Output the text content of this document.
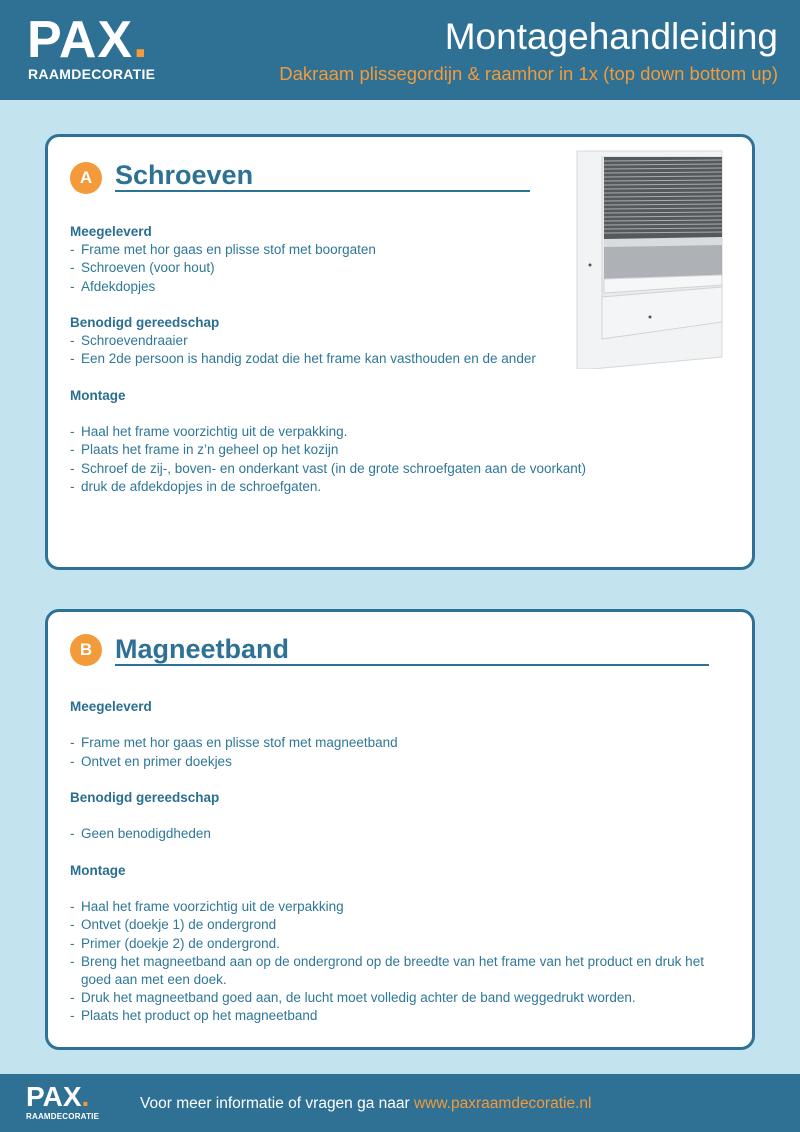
PAX.
RAAMDECORATIE
Montagehandleiding
Dakraam plissegordijn & raamhor in 1x (top down bottom up)
A Schroeven
Meegeleverd
- Frame met hor gaas en plisse stof met boorgaten
- Schroeven (voor hout)
- Afdekdopjes
Benodigd gereedschap
- Schroevendraaier
- Een 2de persoon is handig zodat die het frame kan vasthouden en de ander
Montage
- Haal het frame voorzichtig uit de verpakking.
- Plaats het frame in z’n geheel op het kozijn
- Schroef de zij-, boven- en onderkant vast (in de grote schroefgaten aan de voorkant)
- druk de afdekdopjes in de schroefgaten.
B Magneetband
Meegeleverd
- Frame met hor gaas en plisse stof met magneetband
- Ontvet en primer doekjes
Benodigd gereedschap
- Geen benodigdheden
Montage
- Haal het frame voorzichtig uit de verpakking
- Ontvet (doekje 1) de ondergrond
- Primer (doekje 2) de ondergrond.
- Breng het magneetband aan op de ondergrond op de breedte van het frame van het product en druk het goed aan met een doek.
- Druk het magneetband goed aan, de lucht moet volledig achter de band weggedrukt worden.
- Plaats het product op het magneetband
PAX.
RAAMDECORATIE
Voor meer informatie of vragen ga naar www.paxraamdecoratie.nl
